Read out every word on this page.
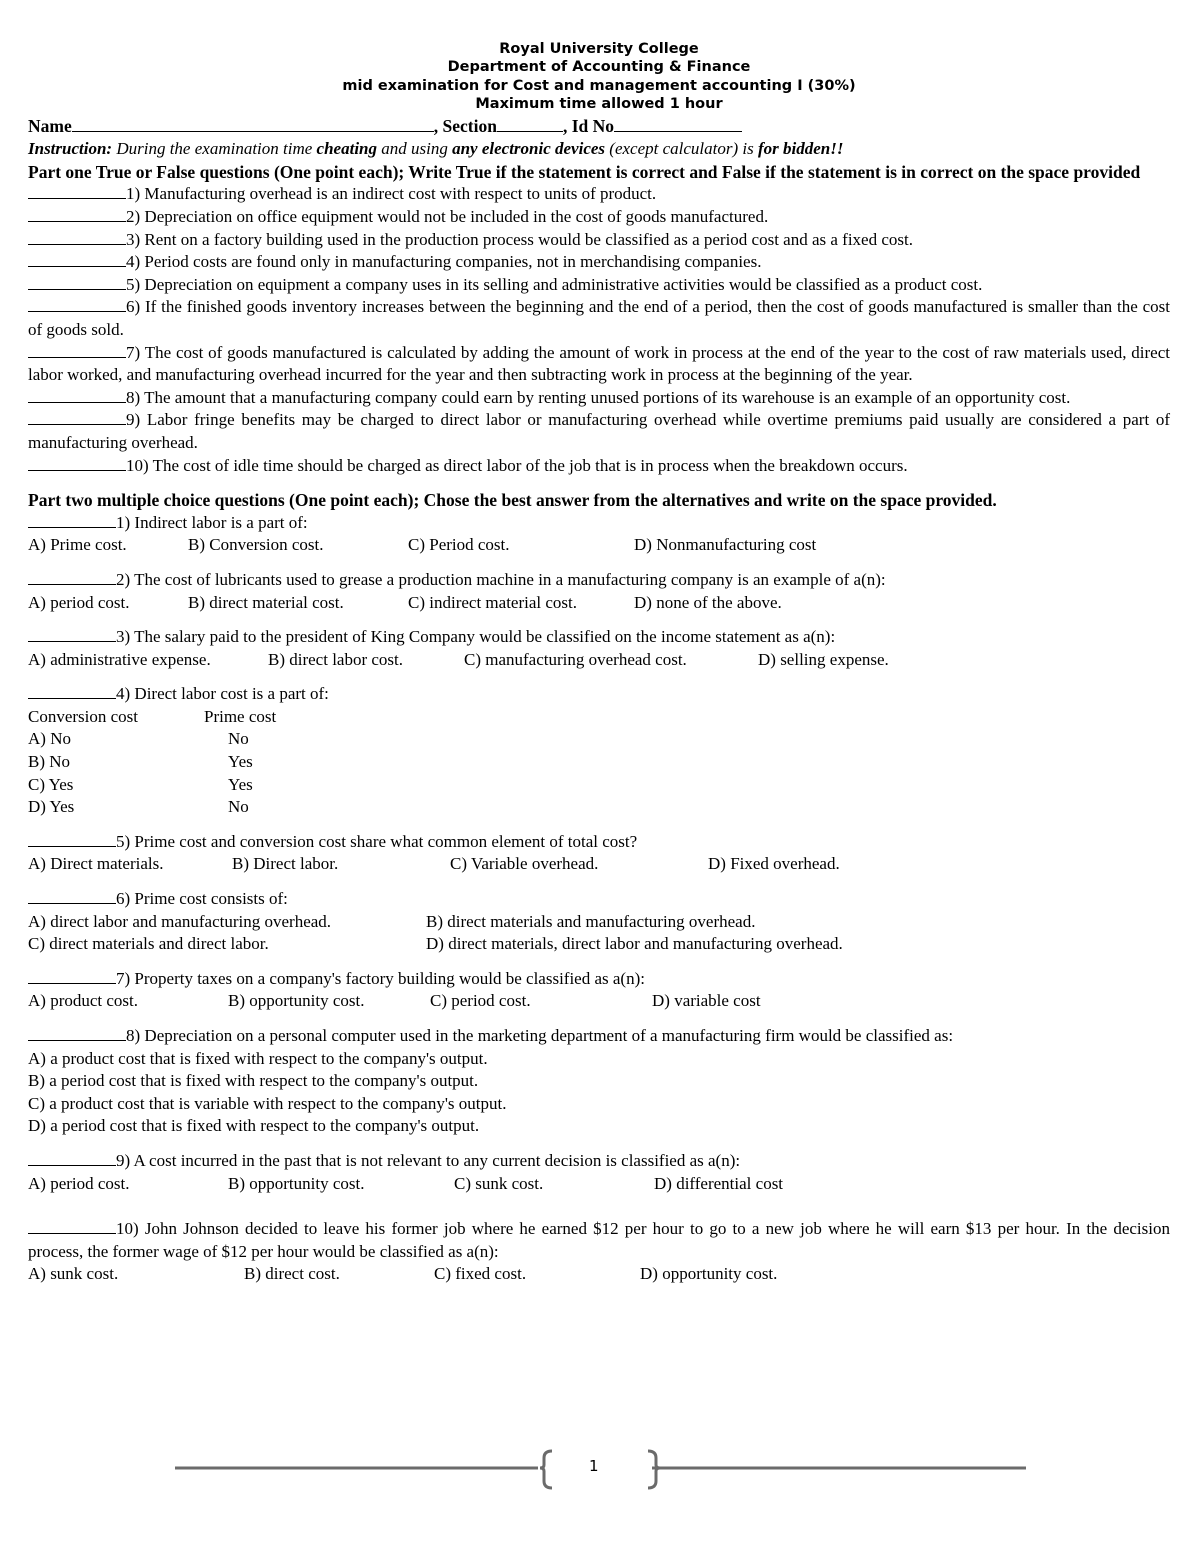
Royal University College
Department of Accounting & Finance
mid examination for Cost and management accounting I (30%)
Maximum time allowed 1 hour
Name	, Section	, Id No
Instruction: During the examination time cheating and using any electronic devices (except calculator) is for bidden!!
Part one True or False questions (One point each); Write True if the statement is correct and False if the statement is in correct on the space provided
1) Manufacturing overhead is an indirect cost with respect to units of product.
2) Depreciation on office equipment would not be included in the cost of goods manufactured.
3) Rent on a factory building used in the production process would be classified as a period cost and as a fixed cost.
4) Period costs are found only in manufacturing companies, not in merchandising companies.
5) Depreciation on equipment a company uses in its selling and administrative activities would be classified as a product cost.
6) If the finished goods inventory increases between the beginning and the end of a period, then the cost of goods manufactured is smaller than the cost of goods sold.
7) The cost of goods manufactured is calculated by adding the amount of work in process at the end of the year to the cost of raw materials used, direct labor worked, and manufacturing overhead incurred for the year and then subtracting work in process at the beginning of the year.
8) The amount that a manufacturing company could earn by renting unused portions of its warehouse is an example of an opportunity cost.
9) Labor fringe benefits may be charged to direct labor or manufacturing overhead while overtime premiums paid usually are considered a part of manufacturing overhead.
10) The cost of idle time should be charged as direct labor of the job that is in process when the breakdown occurs.
Part two multiple choice questions (One point each); Chose the best answer from the alternatives and write on the space provided.
1) Indirect labor is a part of:
A) Prime cost.	B) Conversion cost.	C) Period cost.	D) Nonmanufacturing cost
2) The cost of lubricants used to grease a production machine in a manufacturing company is an example of a(n):
A) period cost.	B) direct material cost.	C) indirect material cost.	D) none of the above.
3) The salary paid to the president of King Company would be classified on the income statement as a(n):
A) administrative expense.	B) direct labor cost.	C) manufacturing overhead cost.	D) selling expense.
4) Direct labor cost is a part of:
Conversion cost	Prime cost
A) No	No
B) No	Yes
C) Yes	Yes
D) Yes	No
5) Prime cost and conversion cost share what common element of total cost?
A) Direct materials.	B) Direct labor.	C) Variable overhead.	D) Fixed overhead.
6) Prime cost consists of:
A) direct labor and manufacturing overhead.	B) direct materials and manufacturing overhead.
C) direct materials and direct labor.	D) direct materials, direct labor and manufacturing overhead.
7) Property taxes on a company's factory building would be classified as a(n):
A) product cost.	B) opportunity cost.	C) period cost.	D) variable cost
8) Depreciation on a personal computer used in the marketing department of a manufacturing firm would be classified as:
A) a product cost that is fixed with respect to the company's output.
B) a period cost that is fixed with respect to the company's output.
C) a product cost that is variable with respect to the company's output.
D) a period cost that is fixed with respect to the company's output.
9) A cost incurred in the past that is not relevant to any current decision is classified as a(n):
A) period cost.	B) opportunity cost.	C) sunk cost.	D) differential cost
10) John Johnson decided to leave his former job where he earned $12 per hour to go to a new job where he will earn $13 per hour. In the decision process, the former wage of $12 per hour would be classified as a(n):
A) sunk cost.	B) direct cost.	C) fixed cost.	D) opportunity cost.
1
